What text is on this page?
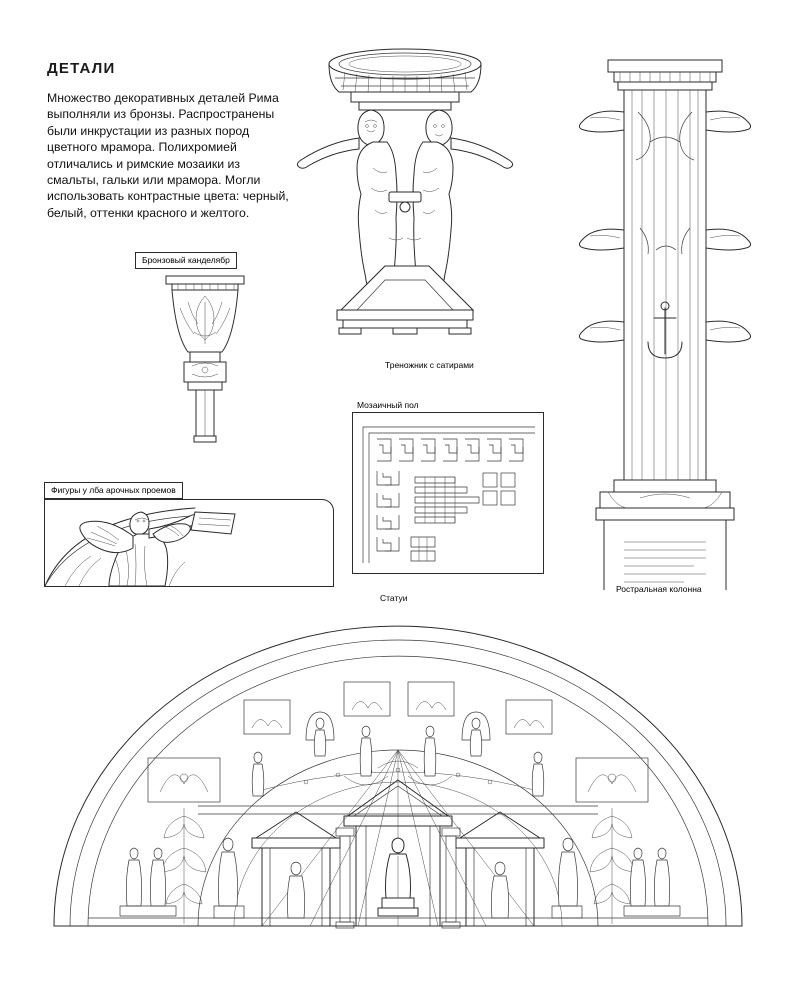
ДЕТАЛИ
Множество декоративных деталей Рима выполняли из бронзы. Распространены были инкрустации из разных пород цветного мрамора. Полихромией отличались и римские мозаики из смальты, гальки или мрамора. Могли использовать контрастные цвета: черный, белый, оттенки красного и желтого.
Треножник с сатирами
Ростральная колонна
Бронзовый канделябр
Мозаичный пол
Фигуры у лба арочных проемов
Статуи
